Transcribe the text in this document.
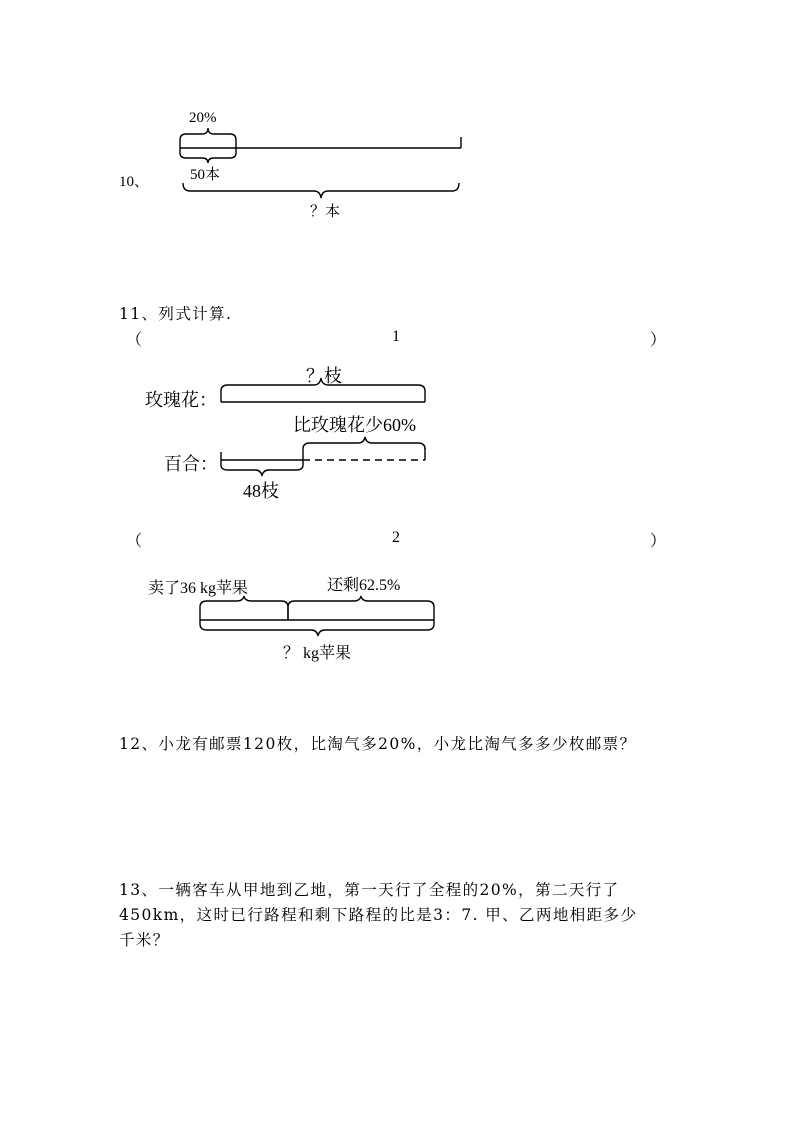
10、
20%
50本
？本
11、列式计算.
（	1	）
玫瑰花：
？枝
比玫瑰花少60%
百合：
48枝
（	2	）
卖了36 kg苹果	还剩62.5%
？ kg苹果
12、小龙有邮票120枚，比淘气多20%，小龙比淘气多多少枚邮票？
13、一辆客车从甲地到乙地，第一天行了全程的20%，第二天行了
450km，这时已行路程和剩下路程的比是3：7. 甲、乙两地相距多少
千米？
